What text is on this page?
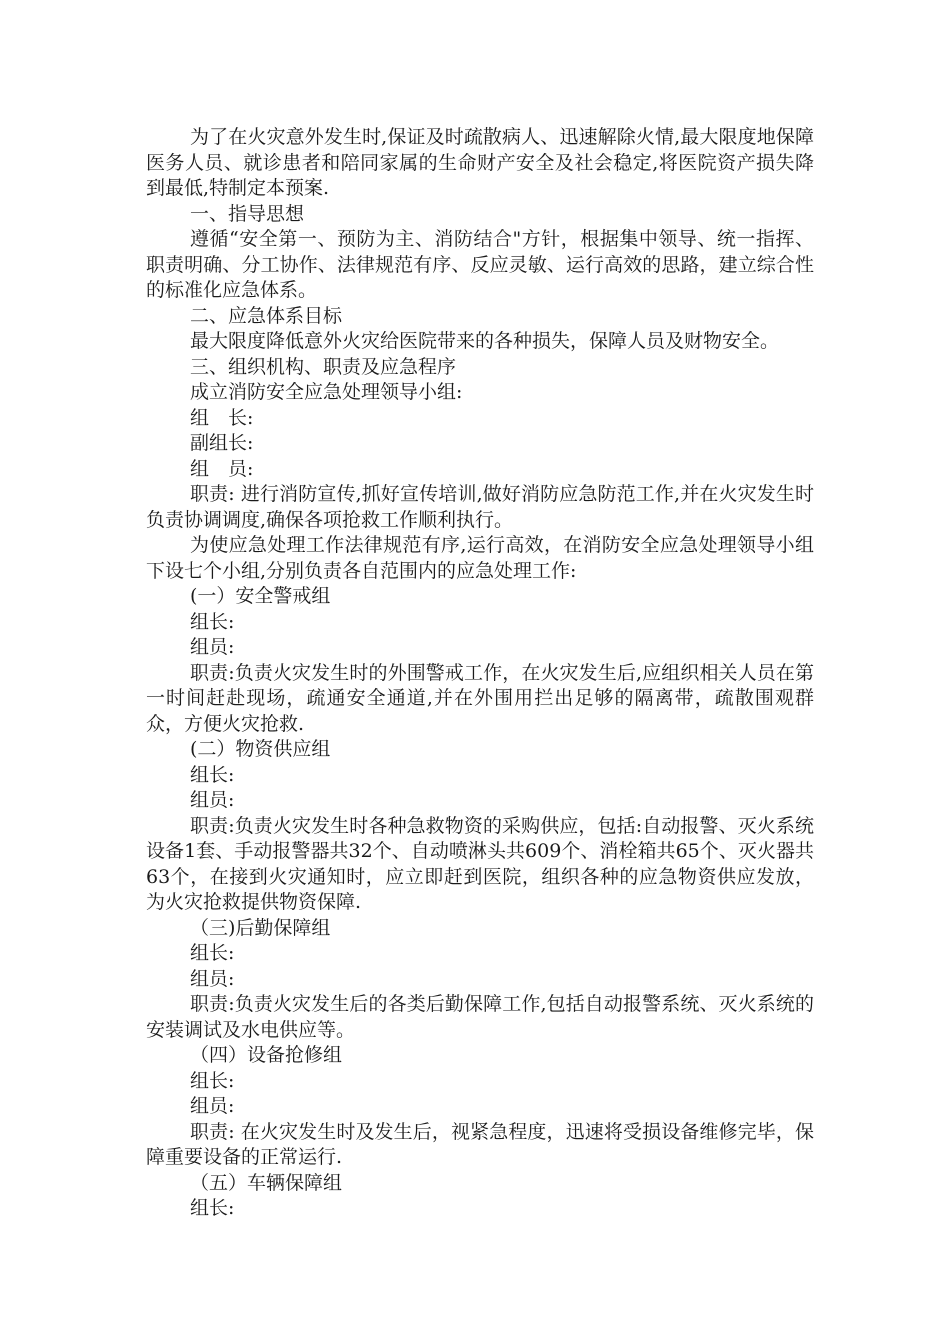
为了在火灾意外发生时,保证及时疏散病人、迅速解除火情,最大限度地保障医务人员、就诊患者和陪同家属的生命财产安全及社会稳定,将医院资产损失降到最低,特制定本预案.

一、指导思想

遵循“安全第一、预防为主、消防结合"方针，根据集中领导、统一指挥、职责明确、分工协作、法律规范有序、反应灵敏、运行高效的思路，建立综合性的标准化应急体系。

二、应急体系目标

最大限度降低意外火灾给医院带来的各种损失，保障人员及财物安全。

三、组织机构、职责及应急程序

成立消防安全应急处理领导小组:

组　长:

副组长:

组　员:

职责: 进行消防宣传,抓好宣传培训,做好消防应急防范工作,并在火灾发生时负责协调调度,确保各项抢救工作顺利执行。

为使应急处理工作法律规范有序,运行高效，在消防安全应急处理领导小组下设七个小组,分别负责各自范围内的应急处理工作:

(一）安全警戒组

组长:

组员:

职责:负责火灾发生时的外围警戒工作，在火灾发生后,应组织相关人员在第一时间赶赴现场，疏通安全通道,并在外围用拦出足够的隔离带，疏散围观群众，方便火灾抢救.

(二）物资供应组

组长:

组员:

职责:负责火灾发生时各种急救物资的采购供应，包括:自动报警、灭火系统设备1套、手动报警器共32个、自动喷淋头共609个、消栓箱共65个、灭火器共63个，在接到火灾通知时，应立即赶到医院，组织各种的应急物资供应发放，为火灾抢救提供物资保障.

（三)后勤保障组

组长:

组员:

职责:负责火灾发生后的各类后勤保障工作,包括自动报警系统、灭火系统的安装调试及水电供应等。

（四）设备抢修组

组长:

组员:

职责: 在火灾发生时及发生后，视紧急程度，迅速将受损设备维修完毕，保障重要设备的正常运行.

（五）车辆保障组

组长:
